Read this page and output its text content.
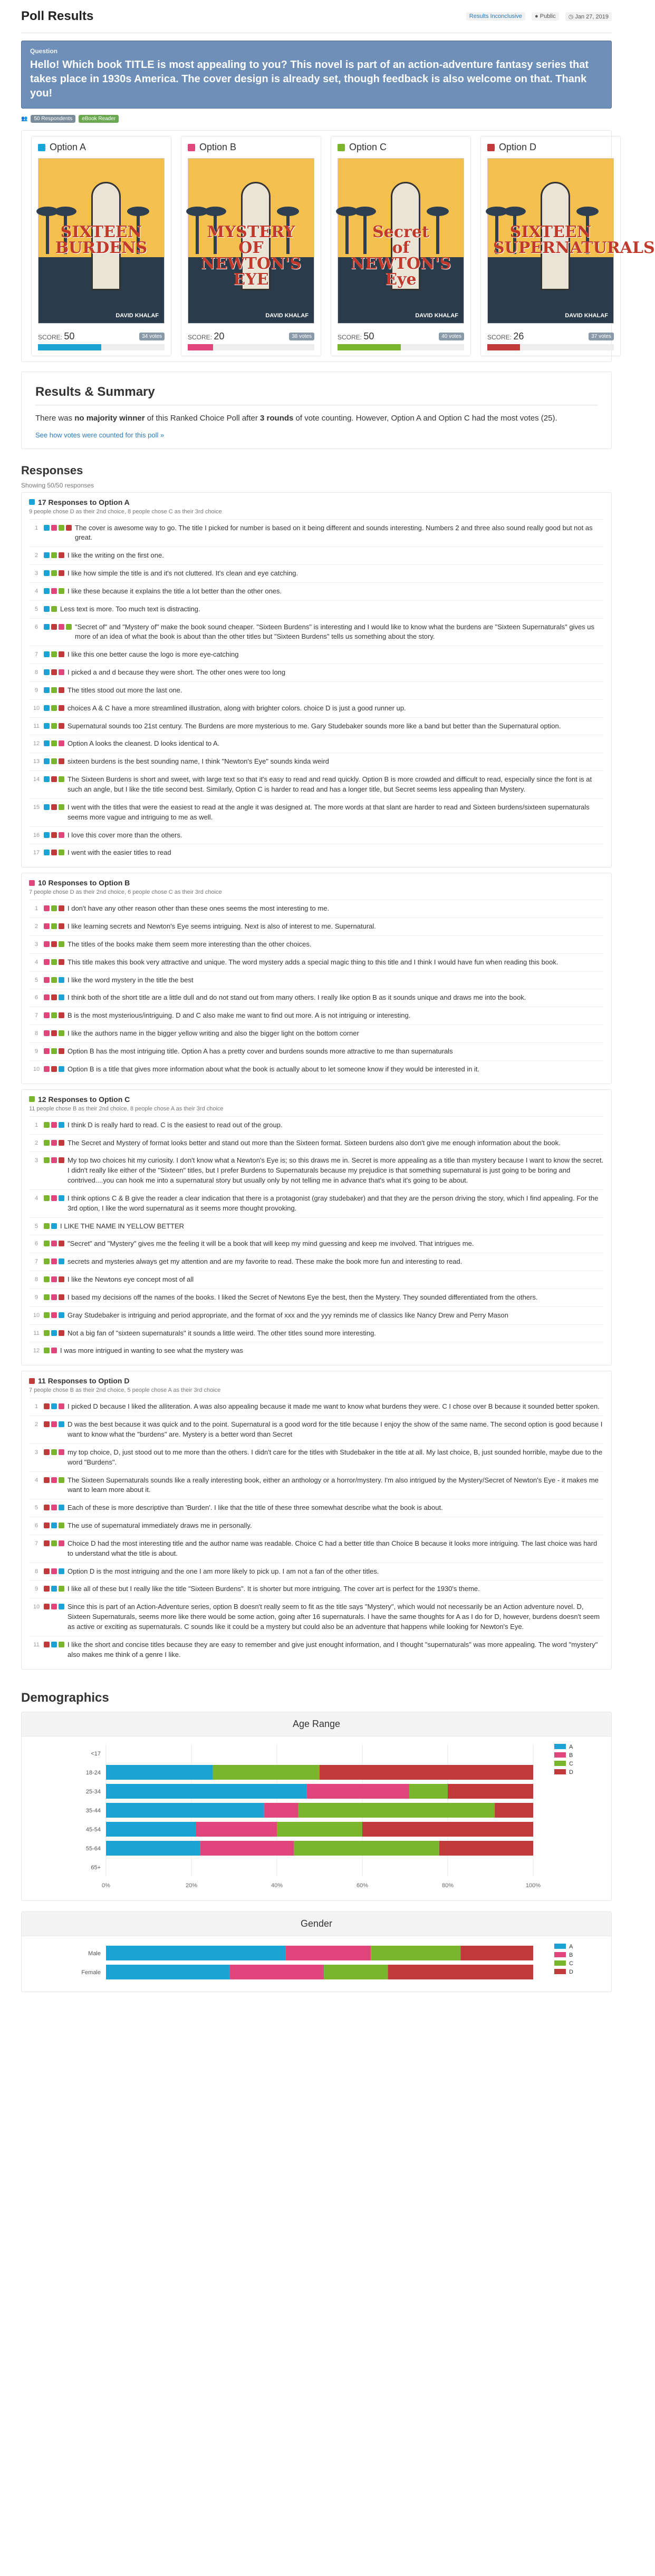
Poll Results	Results Inconclusive	● Public	◷ Jan 27, 2019
Question
Hello! Which book TITLE is most appealing to you? This novel is part of an action-adventure fantasy series that takes place in 1930s America. The cover design is already set, though feedback is also welcome on that. Thank you!
👥	50 Respondents	eBook Reader
Option A
SIXTEEN
BURDENS
DAVID KHALAF
SCORE: 50	34 votes
Option B
MYSTERY
OF
NEWTON'S EYE
DAVID KHALAF
SCORE: 20	38 votes
Option C
Secret
of
NEWTON'S Eye
DAVID KHALAF
SCORE: 50	40 votes
Option D
SIXTEEN
SUPERNATURALS
DAVID KHALAF
SCORE: 26	37 votes
Results & Summary

There was no majority winner of this Ranked Choice Poll after 3 rounds of vote counting. However, Option A and Option C had the most votes (25).

See how votes were counted for this poll »
Responses
Showing 50/50 responses
17 Responses to Option A
9 people chose D as their 2nd choice, 8 people chose C as their 3rd choice
1	The cover is awesome way to go. The title I picked for number is based on it being different and sounds interesting. Numbers 2 and three also sound really good but not as great.
2	I like the writing on the first one.
3	I like how simple the title is and it's not cluttered. It's clean and eye catching.
4	I like these because it explains the title a lot better than the other ones.
5	Less text is more. Too much text is distracting.
6	"Secret of" and "Mystery of" make the book sound cheaper. "Sixteen Burdens" is interesting and I would like to know what the burdens are "Sixteen Supernaturals" gives us more of an idea of what the book is about than the other titles but "Sixteen Burdens" tells us something about the story.
7	I like this one better cause the logo is more eye-catching
8	I picked a and d because they were short. The other ones were too long
9	The titles stood out more the last one.
10	choices A & C have a more streamlined illustration, along with brighter colors. choice D is just a good runner up.
11	Supernatural sounds too 21st century. The Burdens are more mysterious to me. Gary Studebaker sounds more like a band but better than the Supernatural option.
12	Option A looks the cleanest. D looks identical to A.
13	sixteen burdens is the best sounding name, I think "Newton's Eye" sounds kinda weird
14	The Sixteen Burdens is short and sweet, with large text so that it's easy to read and read quickly. Option B is more crowded and difficult to read, especially since the font is at such an angle, but I like the title second best. Similarly, Option C is harder to read and has a longer title, but Secret seems less appealing than Mystery.
15	I went with the titles that were the easiest to read at the angle it was designed at. The more words at that slant are harder to read and Sixteen burdens/sixteen supernaturals seems more vague and intriguing to me as well.
16	I love this cover more than the others.
17	I went with the easier titles to read
10 Responses to Option B
7 people chose D as their 2nd choice, 6 people chose C as their 3rd choice
1	I don't have any other reason other than these ones seems the most interesting to me.
2	I like learning secrets and Newton's Eye seems intriguing. Next is also of interest to me. Supernatural.
3	The titles of the books make them seem more interesting than the other choices.
4	This title makes this book very attractive and unique. The word mystery adds a special magic thing to this title and I think I would have fun when reading this book.
5	I like the word mystery in the title the best
6	I think both of the short title are a little dull and do not stand out from many others. I really like option B as it sounds unique and draws me into the book.
7	B is the most mysterious/intriguing. D and C also make me want to find out more. A is not intriguing or interesting.
8	I like the authors name in the bigger yellow writing and also the bigger light on the bottom corner
9	Option B has the most intriguing title. Option A has a pretty cover and burdens sounds more attractive to me than supernaturals
10	Option B is a title that gives more information about what the book is actually about to let someone know if they would be interested in it.
12 Responses to Option C
11 people chose B as their 2nd choice, 8 people chose A as their 3rd choice
1	I think D is really hard to read. C is the easiest to read out of the group.
2	The Secret and Mystery of format looks better and stand out more than the Sixteen format. Sixteen burdens also don't give me enough information about the book.
3	My top two choices hit my curiosity. I don't know what a Newton's Eye is; so this draws me in. Secret is more appealing as a title than mystery because I want to know the secret. I didn't really like either of the "Sixteen" titles, but I prefer Burdens to Supernaturals because my prejudice is that something supernatural is just going to be boring and contrived....you can hook me into a supernatural story but usually only by not telling me in advance that's what it's going to be about.
4	I think options C & B give the reader a clear indication that there is a protagonist (gray studebaker) and that they are the person driving the story, which I find appealing. For the 3rd option, I like the word supernatural as it seems more thought provoking.
5	I LIKE THE NAME IN YELLOW BETTER
6	"Secret" and "Mystery" gives me the feeling it will be a book that will keep my mind guessing and keep me involved. That intrigues me.
7	secrets and mysteries always get my attention and are my favorite to read. These make the book more fun and interesting to read.
8	I like the Newtons eye concept most of all
9	I based my decisions off the names of the books. I liked the Secret of Newtons Eye the best, then the Mystery. They sounded differentiated from the others.
10	Gray Studebaker is intriguing and period appropriate, and the format of xxx and the yyy reminds me of classics like Nancy Drew and Perry Mason
11	Not a big fan of "sixteen supernaturals" it sounds a little weird. The other titles sound more interesting.
12	I was more intrigued in wanting to see what the mystery was
11 Responses to Option D
7 people chose B as their 2nd choice, 5 people chose A as their 3rd choice
1	I picked D because I liked the alliteration. A was also appealing because it made me want to know what burdens they were. C I chose over B because it sounded better spoken.
2	D was the best because it was quick and to the point. Supernatural is a good word for the title because I enjoy the show of the same name. The second option is good because I want to know what the "burdens" are. Mystery is a better word than Secret
3	my top choice, D, just stood out to me more than the others. I didn't care for the titles with Studebaker in the title at all. My last choice, B, just sounded horrible, maybe due to the word "Burdens".
4	The Sixteen Supernaturals sounds like a really interesting book, either an anthology or a horror/mystery. I'm also intrigued by the Mystery/Secret of Newton's Eye - it makes me want to learn more about it.
5	Each of these is more descriptive than 'Burden'. I like that the title of these three somewhat describe what the book is about.
6	The use of supernatural immediately draws me in personally.
7	Choice D had the most interesting title and the author name was readable. Choice C had a better title than Choice B because it looks more intriguing. The last choice was hard to understand what the title is about.
8	Option D is the most intriguing and the one I am more likely to pick up. I am not a fan of the other titles.
9	I like all of these but I really like the title "Sixteen Burdens". It is shorter but more intriguing. The cover art is perfect for the 1930's theme.
10	Since this is part of an Action-Adventure series, option B doesn't really seem to fit as the title says "Mystery", which would not necessarily be an Action adventure novel. D, Sixteen Supernaturals, seems more like there would be some action, going after 16 supernaturals. I have the same thoughts for A as I do for D, however, burdens doesn't seem as active or exciting as supernaturals. C sounds like it could be a mystery but could also be an adventure that happens while looking for Newton's Eye.
11	I like the short and concise titles because they are easy to remember and give just enought information, and I thought "supernaturals" was more appealing. The word "mystery" also makes me think of a genre I like.
Demographics
Age Range
0%	20%	40%	60%	80%	100%
<17
18-24
25-34
35-44
45-54
55-64
65+
A
B
C
D
Gender
Male
Female
A
B
C
D
